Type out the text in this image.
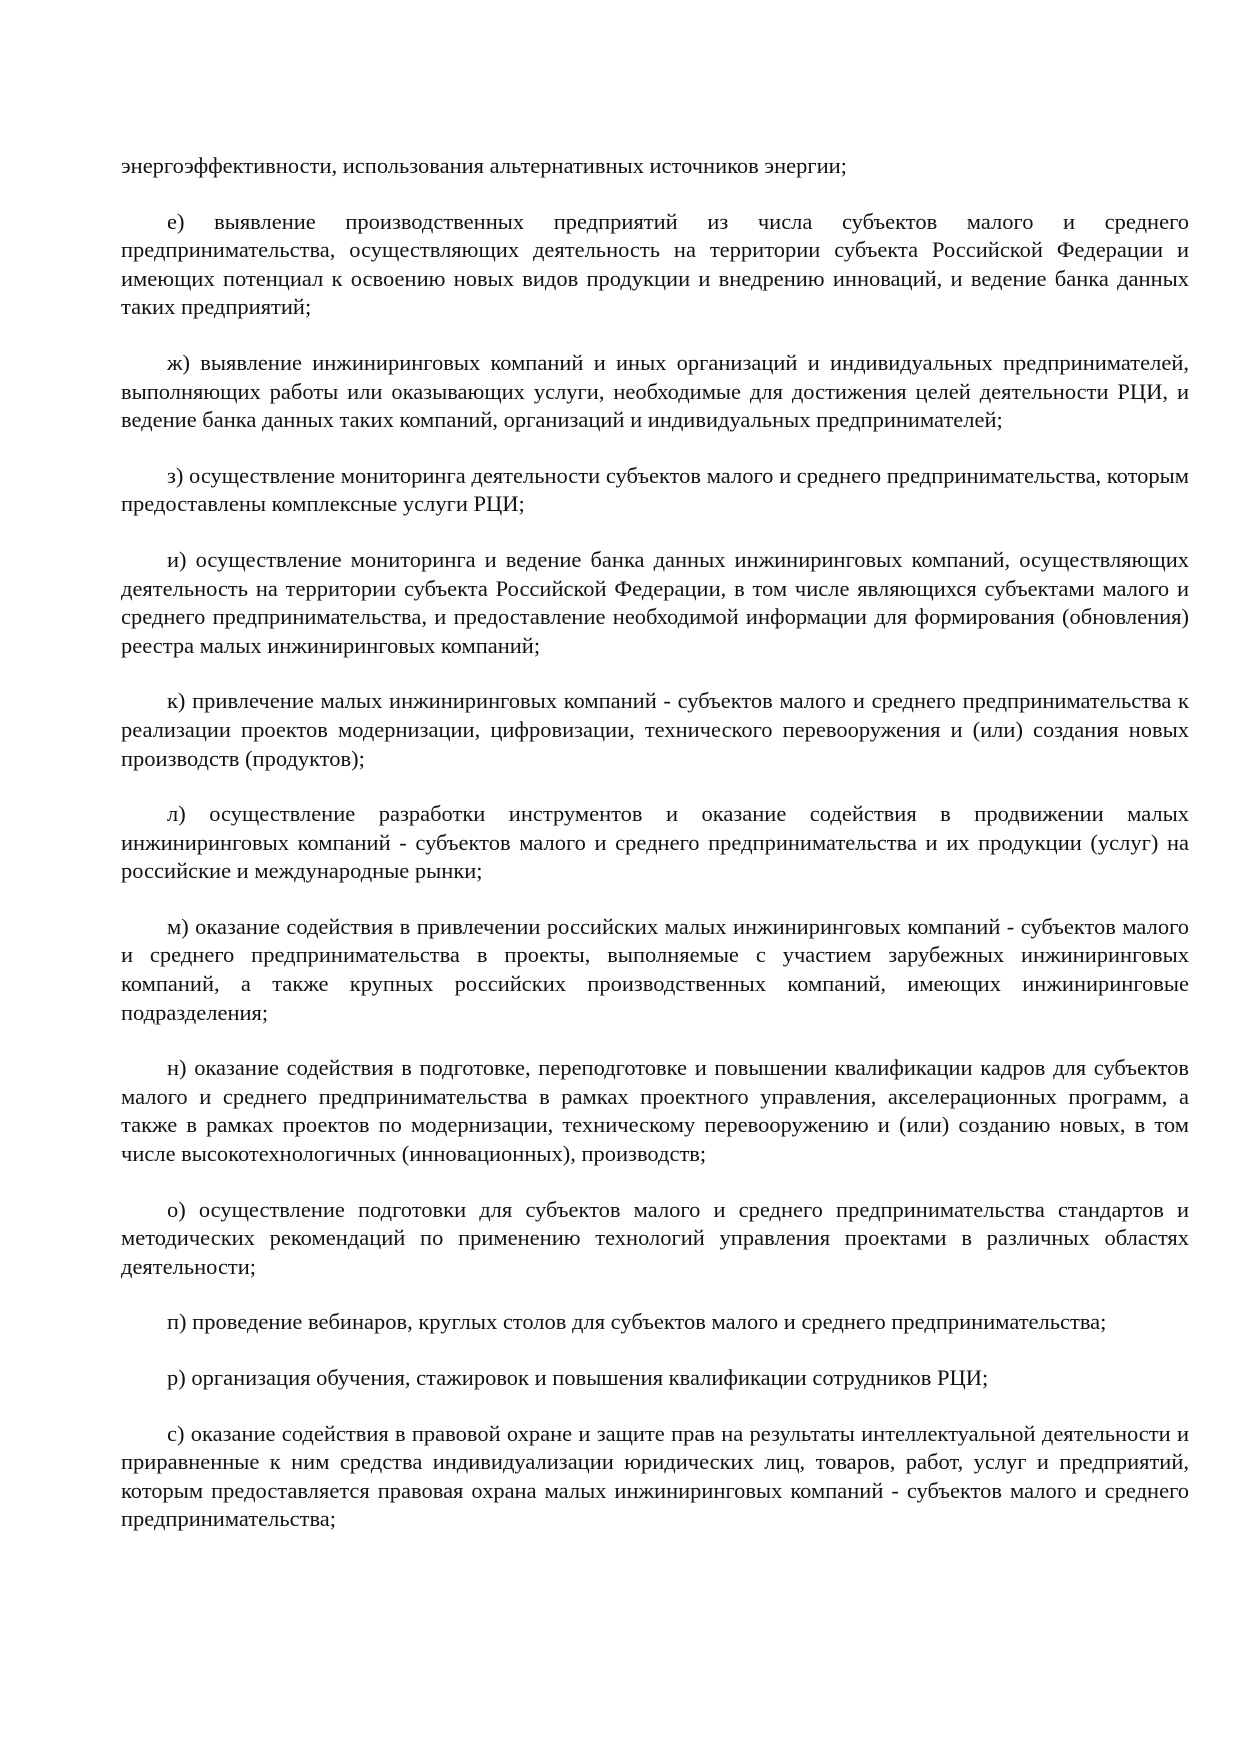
энергоэффективности, использования альтернативных источников энергии;

е) выявление производственных предприятий из числа субъектов малого и среднего предпринимательства, осуществляющих деятельность на территории субъекта Российской Федерации и имеющих потенциал к освоению новых видов продукции и внедрению инноваций, и ведение банка данных таких предприятий;

ж) выявление инжиниринговых компаний и иных организаций и индивидуальных предпринимателей, выполняющих работы или оказывающих услуги, необходимые для достижения целей деятельности РЦИ, и ведение банка данных таких компаний, организаций и индивидуальных предпринимателей;

з) осуществление мониторинга деятельности субъектов малого и среднего предпринимательства, которым предоставлены комплексные услуги РЦИ;

и) осуществление мониторинга и ведение банка данных инжиниринговых компаний, осуществляющих деятельность на территории субъекта Российской Федерации, в том числе являющихся субъектами малого и среднего предпринимательства, и предоставление необходимой информации для формирования (обновления) реестра малых инжиниринговых компаний;

к) привлечение малых инжиниринговых компаний - субъектов малого и среднего предпринимательства к реализации проектов модернизации, цифровизации, технического перевооружения и (или) создания новых производств (продуктов);

л) осуществление разработки инструментов и оказание содействия в продвижении малых инжиниринговых компаний - субъектов малого и среднего предпринимательства и их продукции (услуг) на российские и международные рынки;

м) оказание содействия в привлечении российских малых инжиниринговых компаний - субъектов малого и среднего предпринимательства в проекты, выполняемые с участием зарубежных инжиниринговых компаний, а также крупных российских производственных компаний, имеющих инжиниринговые подразделения;

н) оказание содействия в подготовке, переподготовке и повышении квалификации кадров для субъектов малого и среднего предпринимательства в рамках проектного управления, акселерационных программ, а также в рамках проектов по модернизации, техническому перевооружению и (или) созданию новых, в том числе высокотехнологичных (инновационных), производств;

о) осуществление подготовки для субъектов малого и среднего предпринимательства стандартов и методических рекомендаций по применению технологий управления проектами в различных областях деятельности;

п) проведение вебинаров, круглых столов для субъектов малого и среднего предпринимательства;

р) организация обучения, стажировок и повышения квалификации сотрудников РЦИ;

с) оказание содействия в правовой охране и защите прав на результаты интеллектуальной деятельности и приравненные к ним средства индивидуализации юридических лиц, товаров, работ, услуг и предприятий, которым предоставляется правовая охрана малых инжиниринговых компаний - субъектов малого и среднего предпринимательства;
